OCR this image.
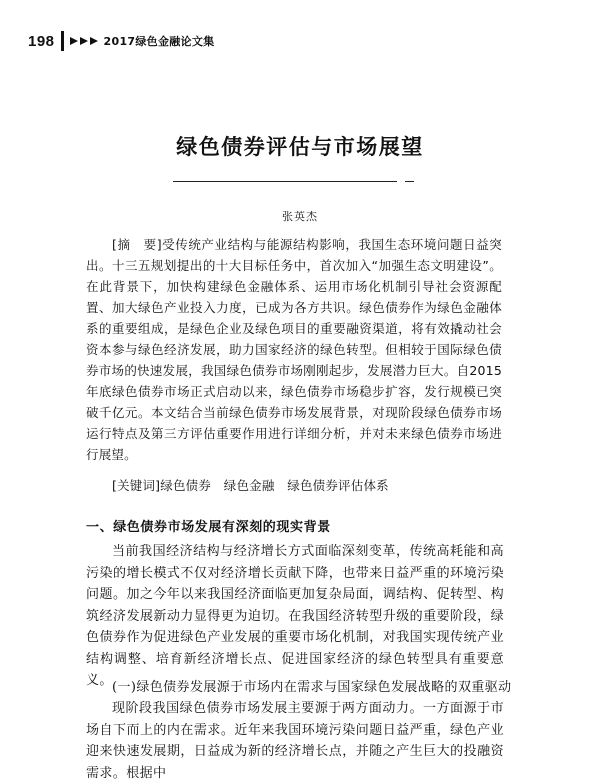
198	2017绿色金融论文集
绿色债券评估与市场展望
张英杰

[摘　要]受传统产业结构与能源结构影响，我国生态环境问题日益突出。十三五规划提出的十大目标任务中，首次加入“加强生态文明建设”。在此背景下，加快构建绿色金融体系、运用市场化机制引导社会资源配置、加大绿色产业投入力度，已成为各方共识。绿色债券作为绿色金融体系的重要组成，是绿色企业及绿色项目的重要融资渠道，将有效撬动社会资本参与绿色经济发展，助力国家经济的绿色转型。但相较于国际绿色债券市场的快速发展，我国绿色债券市场刚刚起步，发展潜力巨大。自2015年底绿色债券市场正式启动以来，绿色债券市场稳步扩容，发行规模已突破千亿元。本文结合当前绿色债券市场发展背景，对现阶段绿色债券市场运行特点及第三方评估重要作用进行详细分析，并对未来绿色债券市场进行展望。

[关键词]绿色债券　绿色金融　绿色债券评估体系
一、绿色债券市场发展有深刻的现实背景

当前我国经济结构与经济增长方式面临深刻变革，传统高耗能和高污染的增长模式不仅对经济增长贡献下降，也带来日益严重的环境污染问题。加之今年以来我国经济面临更加复杂局面，调结构、促转型、构筑经济发展新动力显得更为迫切。在我国经济转型升级的重要阶段，绿色债券作为促进绿色产业发展的重要市场化机制，对我国实现传统产业结构调整、培育新经济增长点、促进国家经济的绿色转型具有重要意义。 (一)绿色债券发展源于市场内在需求与国家绿色发展战略的双重驱动

现阶段我国绿色债券市场发展主要源于两方面动力。一方面源于市场自下而上的内在需求。近年来我国环境污染问题日益严重，绿色产业迎来快速发展期，日益成为新的经济增长点，并随之产生巨大的投融资需求。根据中
